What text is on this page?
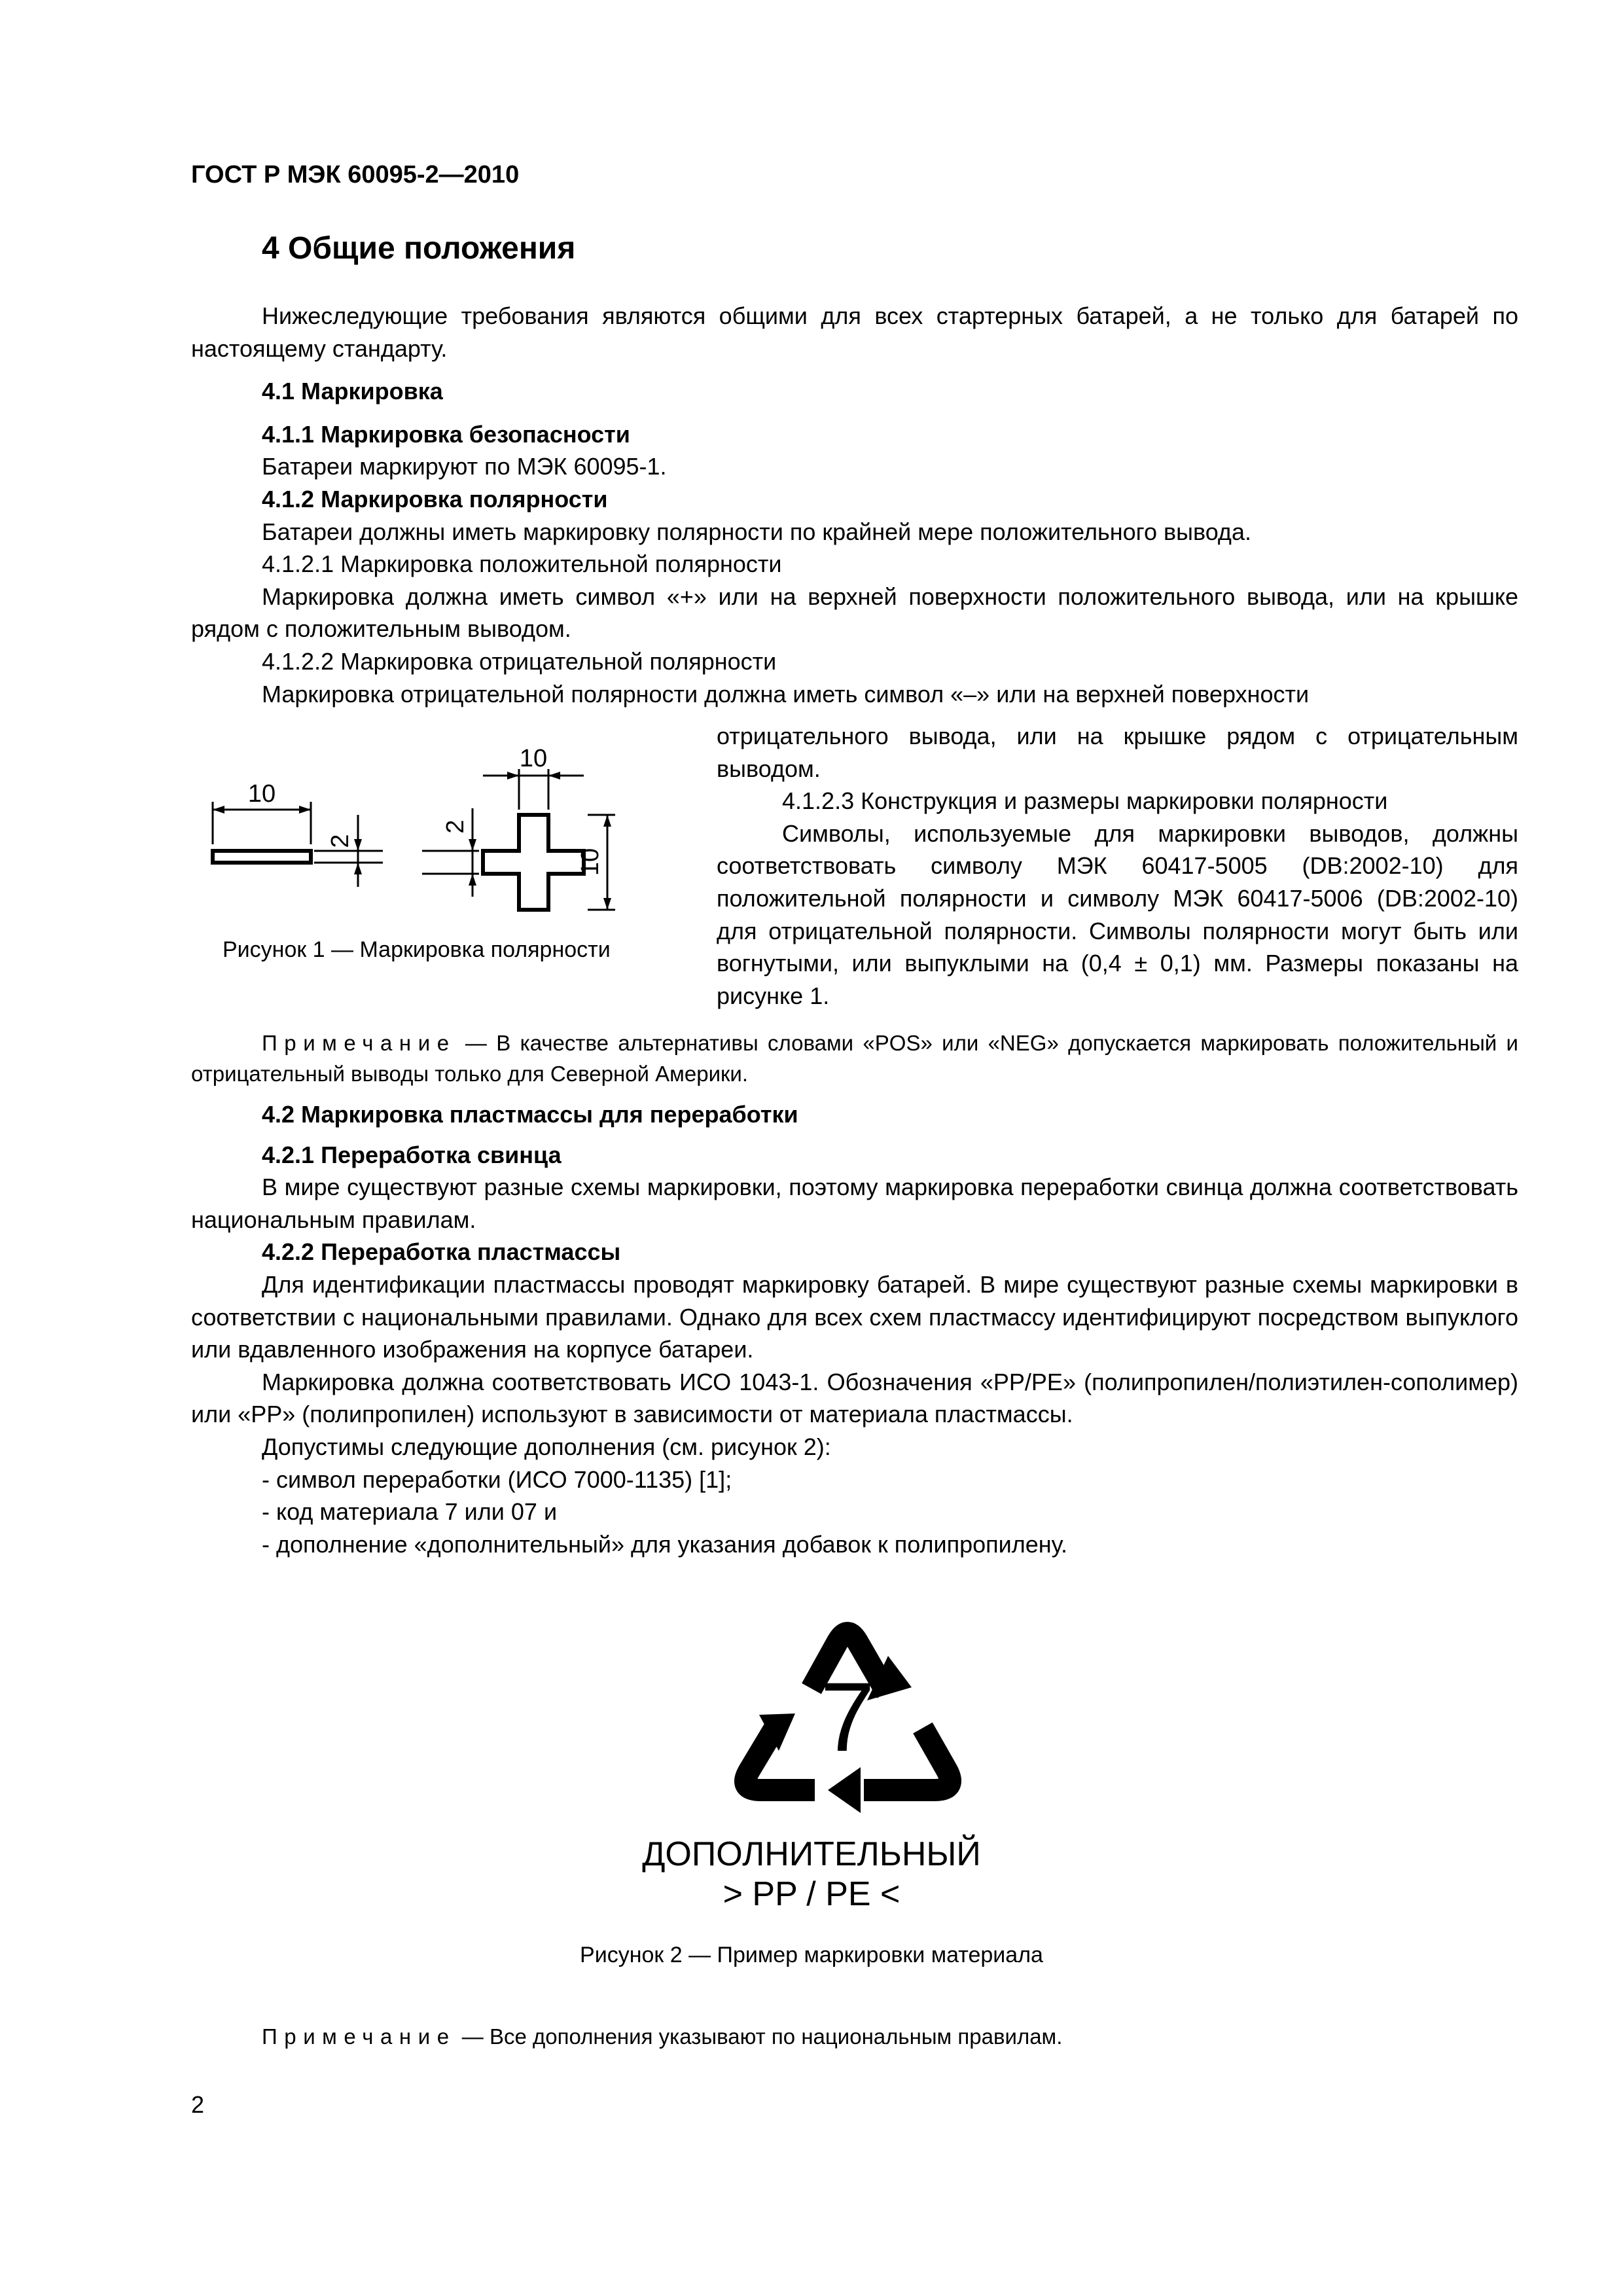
ГОСТ Р МЭК 60095-2—2010
4 Общие положения

Нижеследующие требования являются общими для всех стартерных батарей, а не только для батарей по настоящему стандарту.

4.1 Маркировка

4.1.1 Маркировка безопасности

Батареи маркируют по МЭК 60095-1.

4.1.2 Маркировка полярности

Батареи должны иметь маркировку полярности по крайней мере положительного вывода.

4.1.2.1 Маркировка положительной полярности

Маркировка должна иметь символ «+» или на верхней поверхности положительного вывода, или на крышке рядом с положительным выводом.

4.1.2.2 Маркировка отрицательной полярности

Маркировка отрицательной полярности должна иметь символ «–» или на верхней поверхности

10
2
10
2
10
Рисунок 1 — Маркировка полярности

отрицательного вывода, или на крышке рядом с отрицательным выводом.

4.1.2.3 Конструкция и размеры маркировки полярности

Символы, используемые для маркировки выводов, должны соответствовать символу МЭК 60417-5005 (DB:2002-10) для положительной полярности и символу МЭК 60417-5006 (DB:2002-10) для отрицательной полярности. Символы полярности могут быть или вогнутыми, или выпуклыми на (0,4 ± 0,1) мм. Размеры показаны на рисунке 1.

Примечание — В качестве альтернативы словами «POS» или «NEG» допускается маркировать положительный и отрицательный выводы только для Северной Америки.

4.2 Маркировка пластмассы для переработки

4.2.1 Переработка свинца

В мире существуют разные схемы маркировки, поэтому маркировка переработки свинца должна соответствовать национальным правилам.

4.2.2 Переработка пластмассы

Для идентификации пластмассы проводят маркировку батарей. В мире существуют разные схемы маркировки в соответствии с национальными правилами. Однако для всех схем пластмассу идентифицируют посредством выпуклого или вдавленного изображения на корпусе батареи.

Маркировка должна соответствовать ИСО 1043-1. Обозначения «PP/PE» (полипропилен/полиэтилен-сополимер) или «PP» (полипропилен) используют в зависимости от материала пластмассы.

Допустимы следующие дополнения (см. рисунок 2):

- символ переработки (ИСО 7000-1135) [1];

- код материала 7 или 07 и

- дополнение «дополнительный» для указания добавок к полипропилену.

7
ДОПОЛНИТЕЛЬНЫЙ
> PP / PE <
Рисунок 2 — Пример маркировки материала
Примечание — Все дополнения указывают по национальным правилам.
2
